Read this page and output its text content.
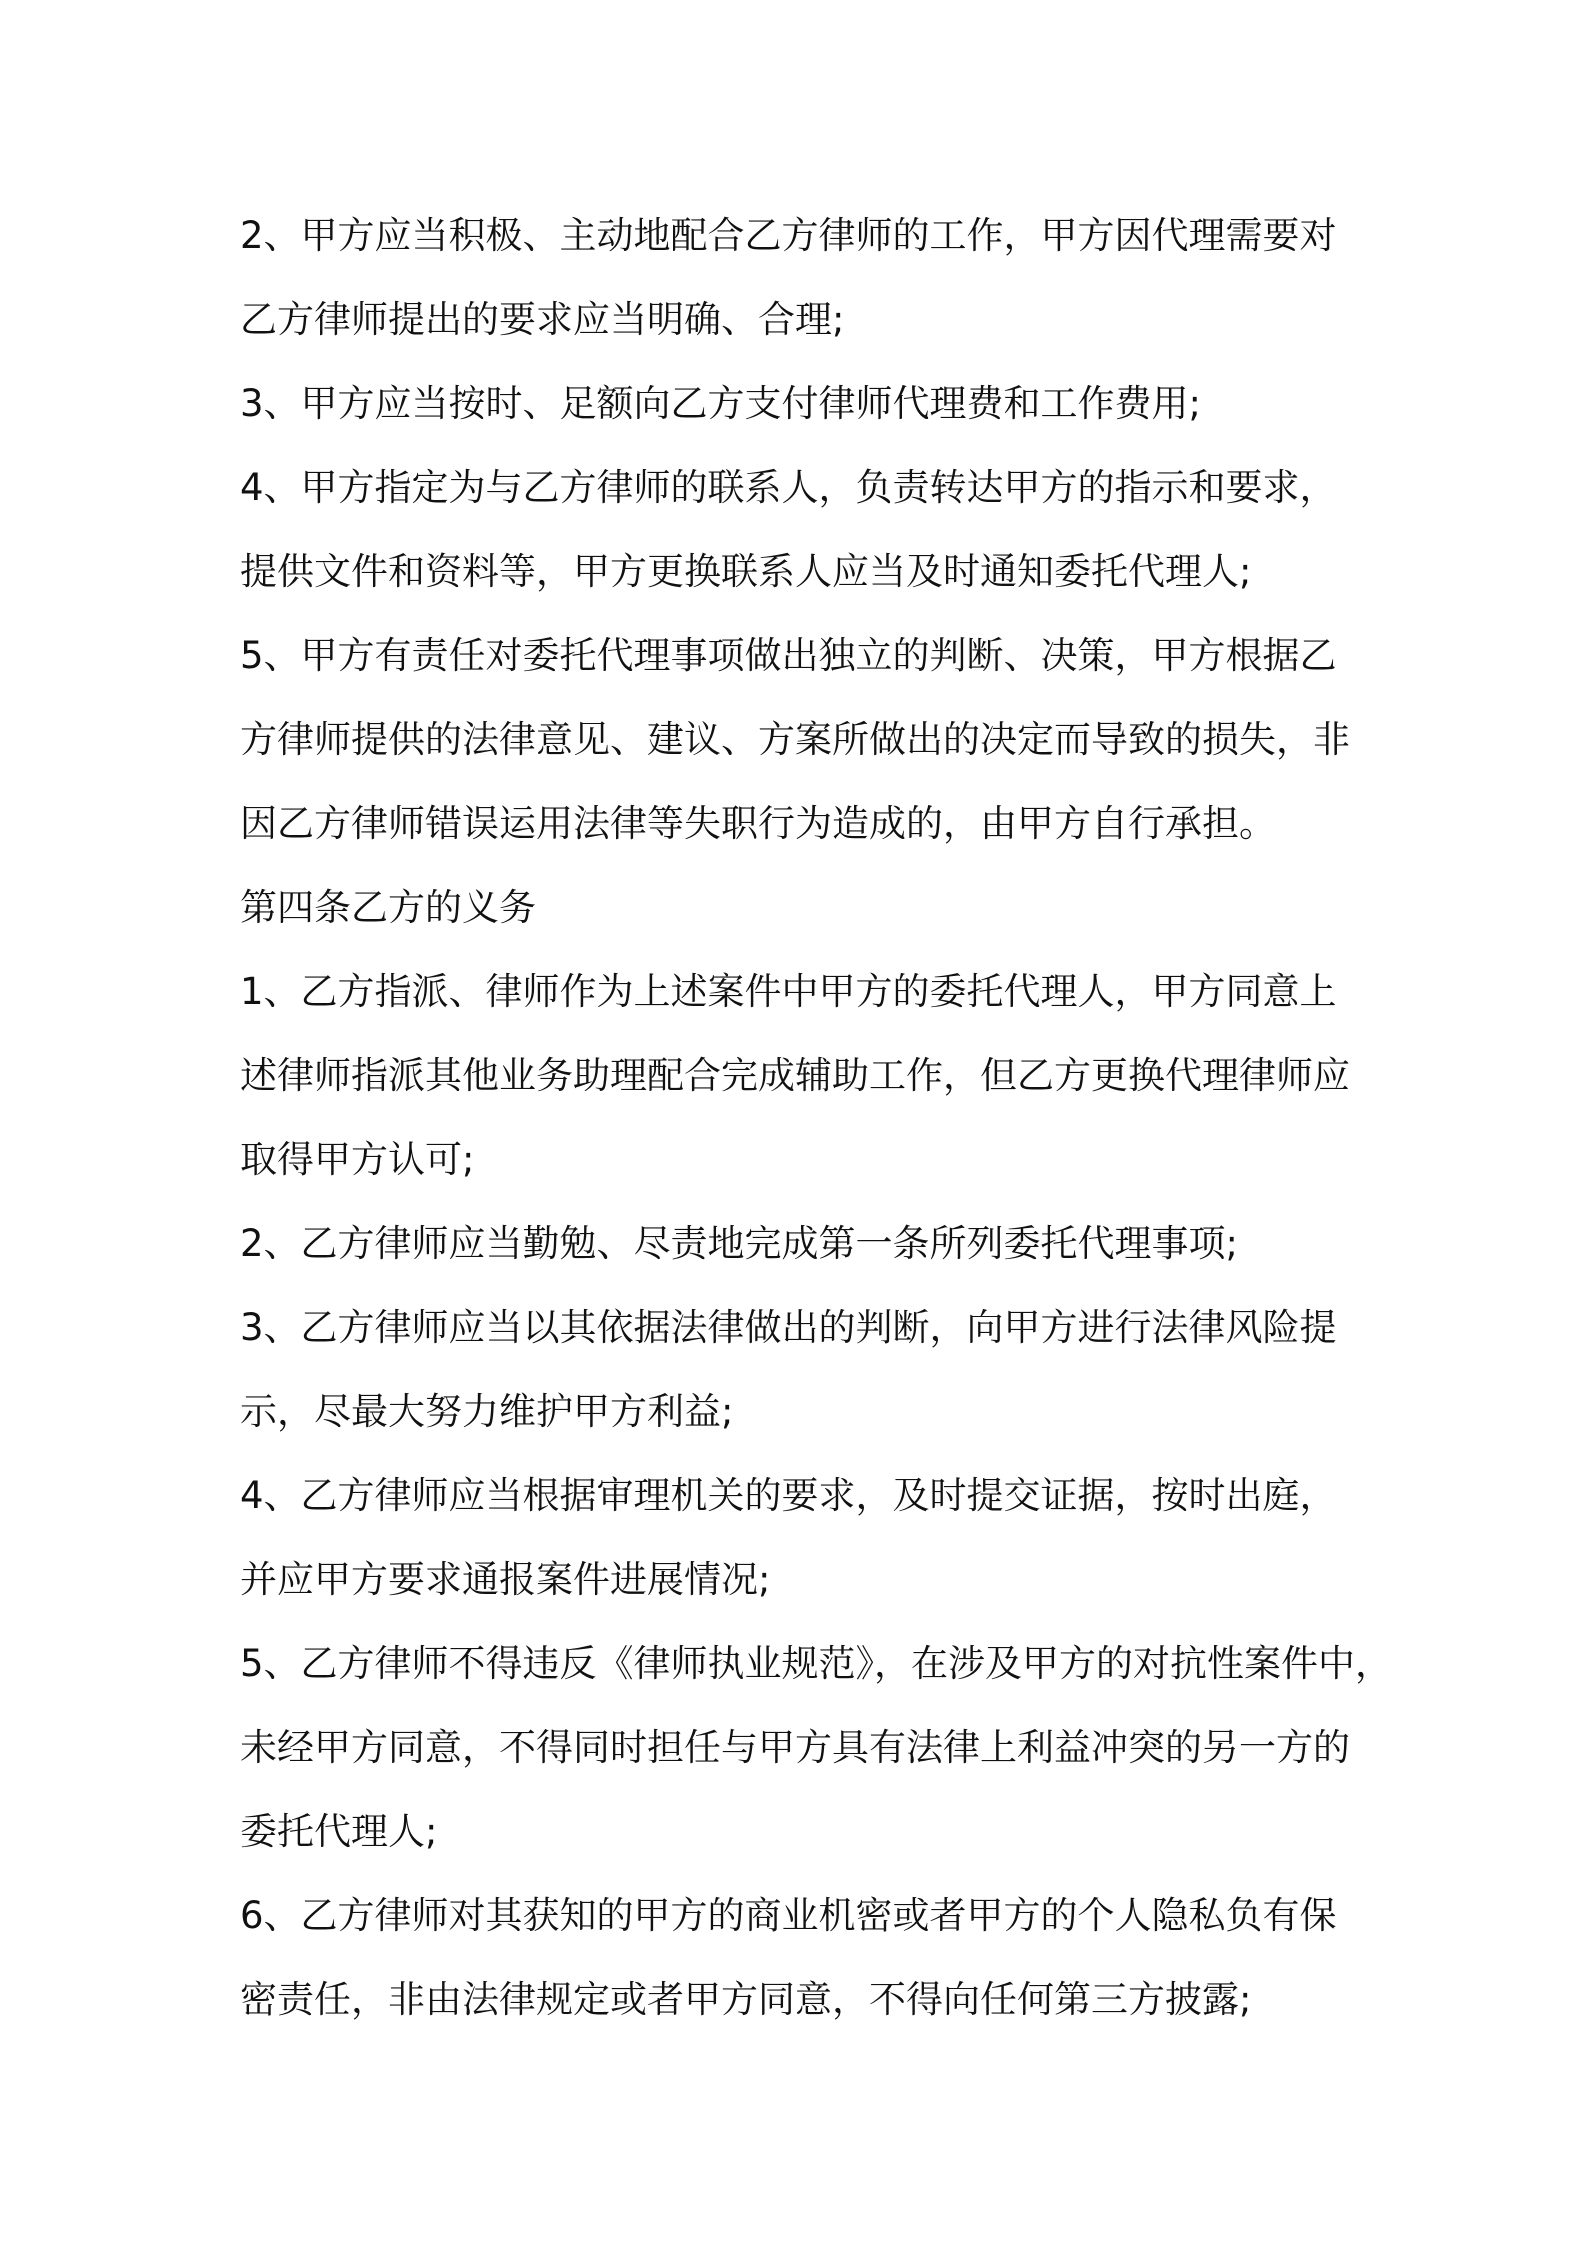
2、甲方应当积极、主动地配合乙方律师的工作，甲方因代理需要对
乙方律师提出的要求应当明确、合理;
3、甲方应当按时、足额向乙方支付律师代理费和工作费用;
4、甲方指定为与乙方律师的联系人，负责转达甲方的指示和要求，
提供文件和资料等，甲方更换联系人应当及时通知委托代理人;
5、甲方有责任对委托代理事项做出独立的判断、决策，甲方根据乙
方律师提供的法律意见、建议、方案所做出的决定而导致的损失，非
因乙方律师错误运用法律等失职行为造成的，由甲方自行承担。
第四条乙方的义务
1、乙方指派、律师作为上述案件中甲方的委托代理人，甲方同意上
述律师指派其他业务助理配合完成辅助工作，但乙方更换代理律师应
取得甲方认可;
2、乙方律师应当勤勉、尽责地完成第一条所列委托代理事项;
3、乙方律师应当以其依据法律做出的判断，向甲方进行法律风险提
示，尽最大努力维护甲方利益;
4、乙方律师应当根据审理机关的要求，及时提交证据，按时出庭，
并应甲方要求通报案件进展情况;
5、乙方律师不得违反《律师执业规范》，在涉及甲方的对抗性案件中，
未经甲方同意，不得同时担任与甲方具有法律上利益冲突的另一方的
委托代理人;
6、乙方律师对其获知的甲方的商业机密或者甲方的个人隐私负有保
密责任，非由法律规定或者甲方同意，不得向任何第三方披露;
